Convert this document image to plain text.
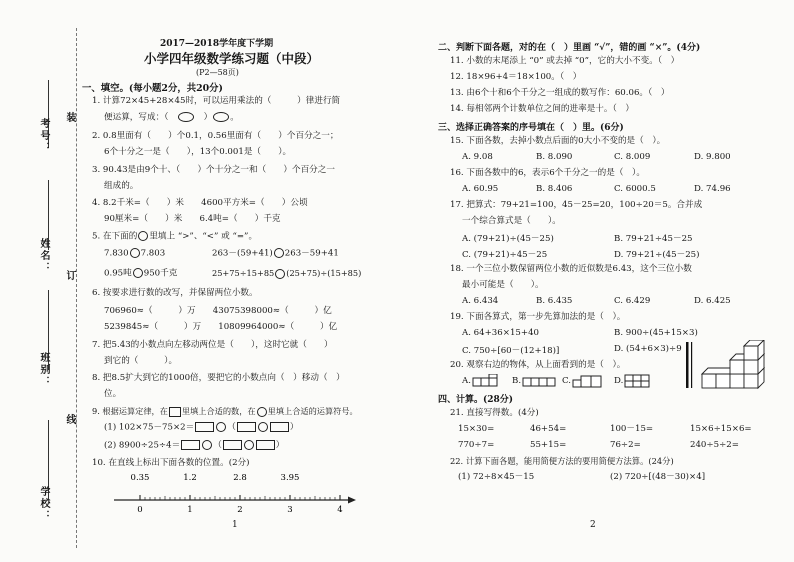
考号： 装
姓名：
订
班别：
线
学校：
2017—2018学年度下学期
小学四年级数学练习题（中段）
(P2—58页)
一、填空。(每小题2分，共20分)
1. 计算72×45+28×45时，可以运用乘法的（　　　）律进行简
便运算，写成：（　　） 。
2. 0.8里面有（　　）个0.1，0.56里面有（　　）个百分之一；
6个十分之一是（　　），13个0.001是（　　）。
3. 90.43是由9个十、（　　）个十分之一和（　　）个百分之一
组成的。
4. 8.2千米=（　　）米　　4600平方米=（　　）公顷
90厘米=（　　）米　　6.4吨=（　　）千克
5. 在下面的 里填上 “>”、“<” 或 “=”。
7.830 7.803	263－(59+41) 263－59+41
0.95吨 950千克	25+75÷15+85 (25+75)÷(15+85)
6. 按要求进行数的改写，并保留两位小数。
706960≈（　　　）万　　43075398000≈（　　　）亿
5239845≈（　　　）万　　10809964000≈（　　　）亿
7. 把5.43的小数点向左移动两位是（　　），这时它就（　　）
到它的（　　　）。
8. 把8.5扩大到它的1000倍，要把它的小数点向（　）移动（　）
位。
9. 根据运算定律，在 里填上合适的数，在 里填上合适的运算符号。
(1) 102×75－75×2＝	（	）
(2) 8900÷25÷4＝	（	）
10. 在直线上标出下面各数的位置。(2分)
0.35	1.2	2.8	3.95
0	1	2	3	4
1
二、判断下面各题，对的在（　）里画 “√”，错的画 “×”。(4分)
11. 小数的末尾添上 “0” 或去掉 “0”，它的大小不变。（　）
12. 18×96+4＝18×100。（　）
13. 由6个十和6个千分之一组成的数写作：60.06。（　）
14. 每相邻两个计数单位之间的进率是十。（　）
三、选择正确答案的序号填在（　）里。(6分)
15. 下面各数，去掉小数点后面的0大小不变的是（　）。
A. 9.08	B. 8.090	C. 8.009	D. 9.800
16. 下面各数中的6，表示6个千分之一的是（　）。
A. 60.95	B. 8.406	C. 6000.5	D. 74.96
17. 把算式：79+21=100，45－25=20，100÷20＝5。合并成
一个综合算式是（　　）。
A. (79+21)÷(45－25)	B. 79+21÷45－25
C. (79+21)÷45－25	D. 79+21÷(45－25)
18. 一个三位小数保留两位小数的近似数是6.43，这个三位小数
最小可能是（　　）。
A. 6.434	B. 6.435	C. 6.429	D. 6.425
19. 下面各算式，第一步先算加法的是（　）。
A. 64+36×15+40	B. 900÷(45+15×3)
C. 750÷[60－(12+18)]	D. (54+6×3)÷9
20. 观察右边的物体，从上面看到的是（　）。
A.	B.	C.	D.
四、计算。(28分)
21. 直接写得数。(4分)
15×30=	46+54=	100－15=	15×6÷15×6=
770÷7=	55+15=	76÷2=	240÷5÷2=
22. 计算下面各题，能用简便方法的要用简便方法算。(24分)
(1) 72÷8×45－15	(2) 720÷[(48－30)×4]
2
